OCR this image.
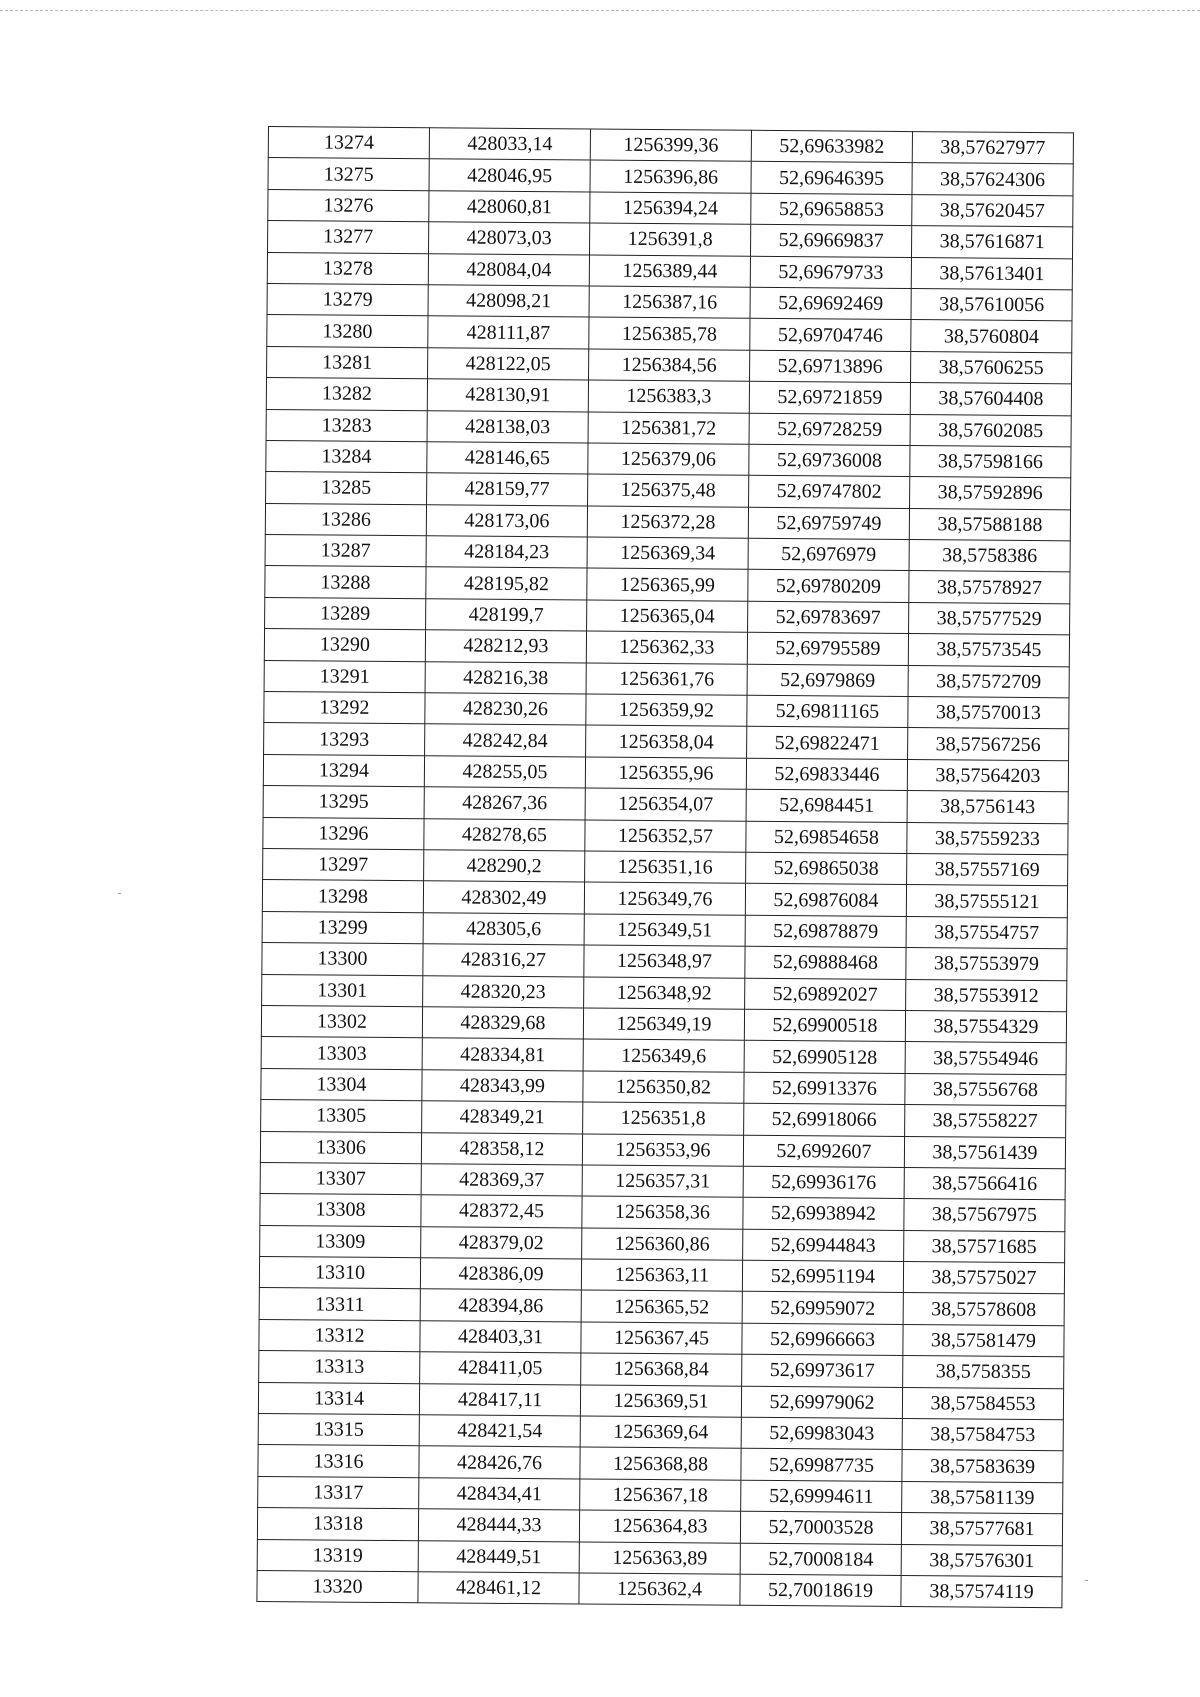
13274	428033,14	1256399,36	52,69633982	38,57627977
13275	428046,95	1256396,86	52,69646395	38,57624306
13276	428060,81	1256394,24	52,69658853	38,57620457
13277	428073,03	1256391,8	52,69669837	38,57616871
13278	428084,04	1256389,44	52,69679733	38,57613401
13279	428098,21	1256387,16	52,69692469	38,57610056
13280	428111,87	1256385,78	52,69704746	38,5760804
13281	428122,05	1256384,56	52,69713896	38,57606255
13282	428130,91	1256383,3	52,69721859	38,57604408
13283	428138,03	1256381,72	52,69728259	38,57602085
13284	428146,65	1256379,06	52,69736008	38,57598166
13285	428159,77	1256375,48	52,69747802	38,57592896
13286	428173,06	1256372,28	52,69759749	38,57588188
13287	428184,23	1256369,34	52,6976979	38,5758386
13288	428195,82	1256365,99	52,69780209	38,57578927
13289	428199,7	1256365,04	52,69783697	38,57577529
13290	428212,93	1256362,33	52,69795589	38,57573545
13291	428216,38	1256361,76	52,6979869	38,57572709
13292	428230,26	1256359,92	52,69811165	38,57570013
13293	428242,84	1256358,04	52,69822471	38,57567256
13294	428255,05	1256355,96	52,69833446	38,57564203
13295	428267,36	1256354,07	52,6984451	38,5756143
13296	428278,65	1256352,57	52,69854658	38,57559233
13297	428290,2	1256351,16	52,69865038	38,57557169
13298	428302,49	1256349,76	52,69876084	38,57555121
13299	428305,6	1256349,51	52,69878879	38,57554757
13300	428316,27	1256348,97	52,69888468	38,57553979
13301	428320,23	1256348,92	52,69892027	38,57553912
13302	428329,68	1256349,19	52,69900518	38,57554329
13303	428334,81	1256349,6	52,69905128	38,57554946
13304	428343,99	1256350,82	52,69913376	38,57556768
13305	428349,21	1256351,8	52,69918066	38,57558227
13306	428358,12	1256353,96	52,6992607	38,57561439
13307	428369,37	1256357,31	52,69936176	38,57566416
13308	428372,45	1256358,36	52,69938942	38,57567975
13309	428379,02	1256360,86	52,69944843	38,57571685
13310	428386,09	1256363,11	52,69951194	38,57575027
13311	428394,86	1256365,52	52,69959072	38,57578608
13312	428403,31	1256367,45	52,69966663	38,57581479
13313	428411,05	1256368,84	52,69973617	38,5758355
13314	428417,11	1256369,51	52,69979062	38,57584553
13315	428421,54	1256369,64	52,69983043	38,57584753
13316	428426,76	1256368,88	52,69987735	38,57583639
13317	428434,41	1256367,18	52,69994611	38,57581139
13318	428444,33	1256364,83	52,70003528	38,57577681
13319	428449,51	1256363,89	52,70008184	38,57576301
13320	428461,12	1256362,4	52,70018619	38,57574119
